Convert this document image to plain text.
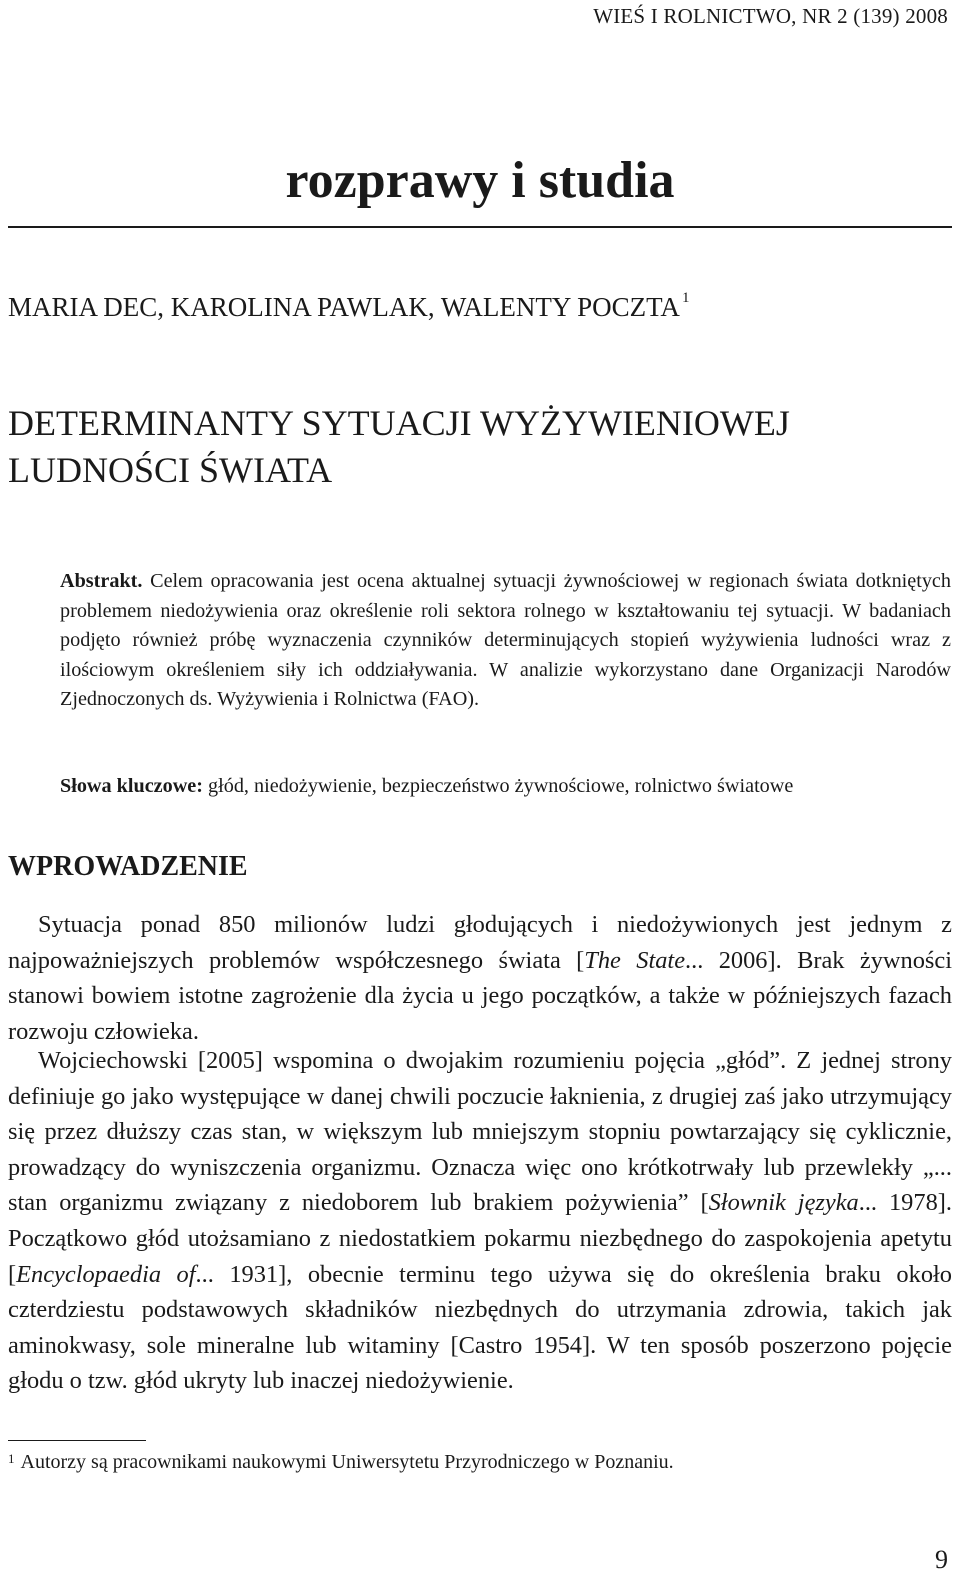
WIEŚ I ROLNICTWO, NR 2 (139) 2008
rozprawy i studia
MARIA DEC, KAROLINA PAWLAK, WALENTY POCZTA $^1$
DETERMINANTY SYTUACJI WYŻYWIENIOWEJ
LUDNOŚCI ŚWIATA

Abstrakt. Celem opracowania jest ocena aktualnej sytuacji żywnościowej w regionach świata dotkniętych problemem niedożywienia oraz określenie roli sektora rolnego w kształtowaniu tej sytuacji. W badaniach podjęto również próbę wyznaczenia czynników determinujących stopień wyżywienia ludności wraz z ilościowym określeniem siły ich oddziaływania. W analizie wykorzystano dane Organizacji Narodów Zjednoczonych ds. Wyżywienia i Rolnictwa (FAO).

Słowa kluczowe: głód, niedożywienie, bezpieczeństwo żywnościowe, rolnictwo światowe

WPROWADZENIE

Sytuacja ponad 850 milionów ludzi głodujących i niedożywionych jest jednym z najpoważniejszych problemów współczesnego świata [The State... 2006]. Brak żywności stanowi bowiem istotne zagrożenie dla życia u jego początków, a także w późniejszych fazach rozwoju człowieka.

Wojciechowski [2005] wspomina o dwojakim rozumieniu pojęcia „głód”. Z jednej strony definiuje go jako występujące w danej chwili poczucie łaknienia, z drugiej zaś jako utrzymujący się przez dłuższy czas stan, w większym lub mniejszym stopniu powtarzający się cyklicznie, prowadzący do wyniszczenia organizmu. Oznacza więc ono krótkotrwały lub przewlekły „... stan organizmu związany z niedoborem lub brakiem pożywienia” [Słownik języka... 1978]. Początkowo głód utożsamiano z niedostatkiem pokarmu niezbędnego do zaspokojenia apetytu [Encyclopaedia of... 1931], obecnie terminu tego używa się do określenia braku około czterdziestu podstawowych składników niezbędnych do utrzymania zdrowia, takich jak aminokwasy, sole mineralne lub witaminy [Castro 1954]. W ten sposób poszerzono pojęcie głodu o tzw. głód ukryty lub inaczej niedożywienie.

$^1$ Autorzy są pracownikami naukowymi Uniwersytetu Przyrodniczego w Poznaniu.
9
